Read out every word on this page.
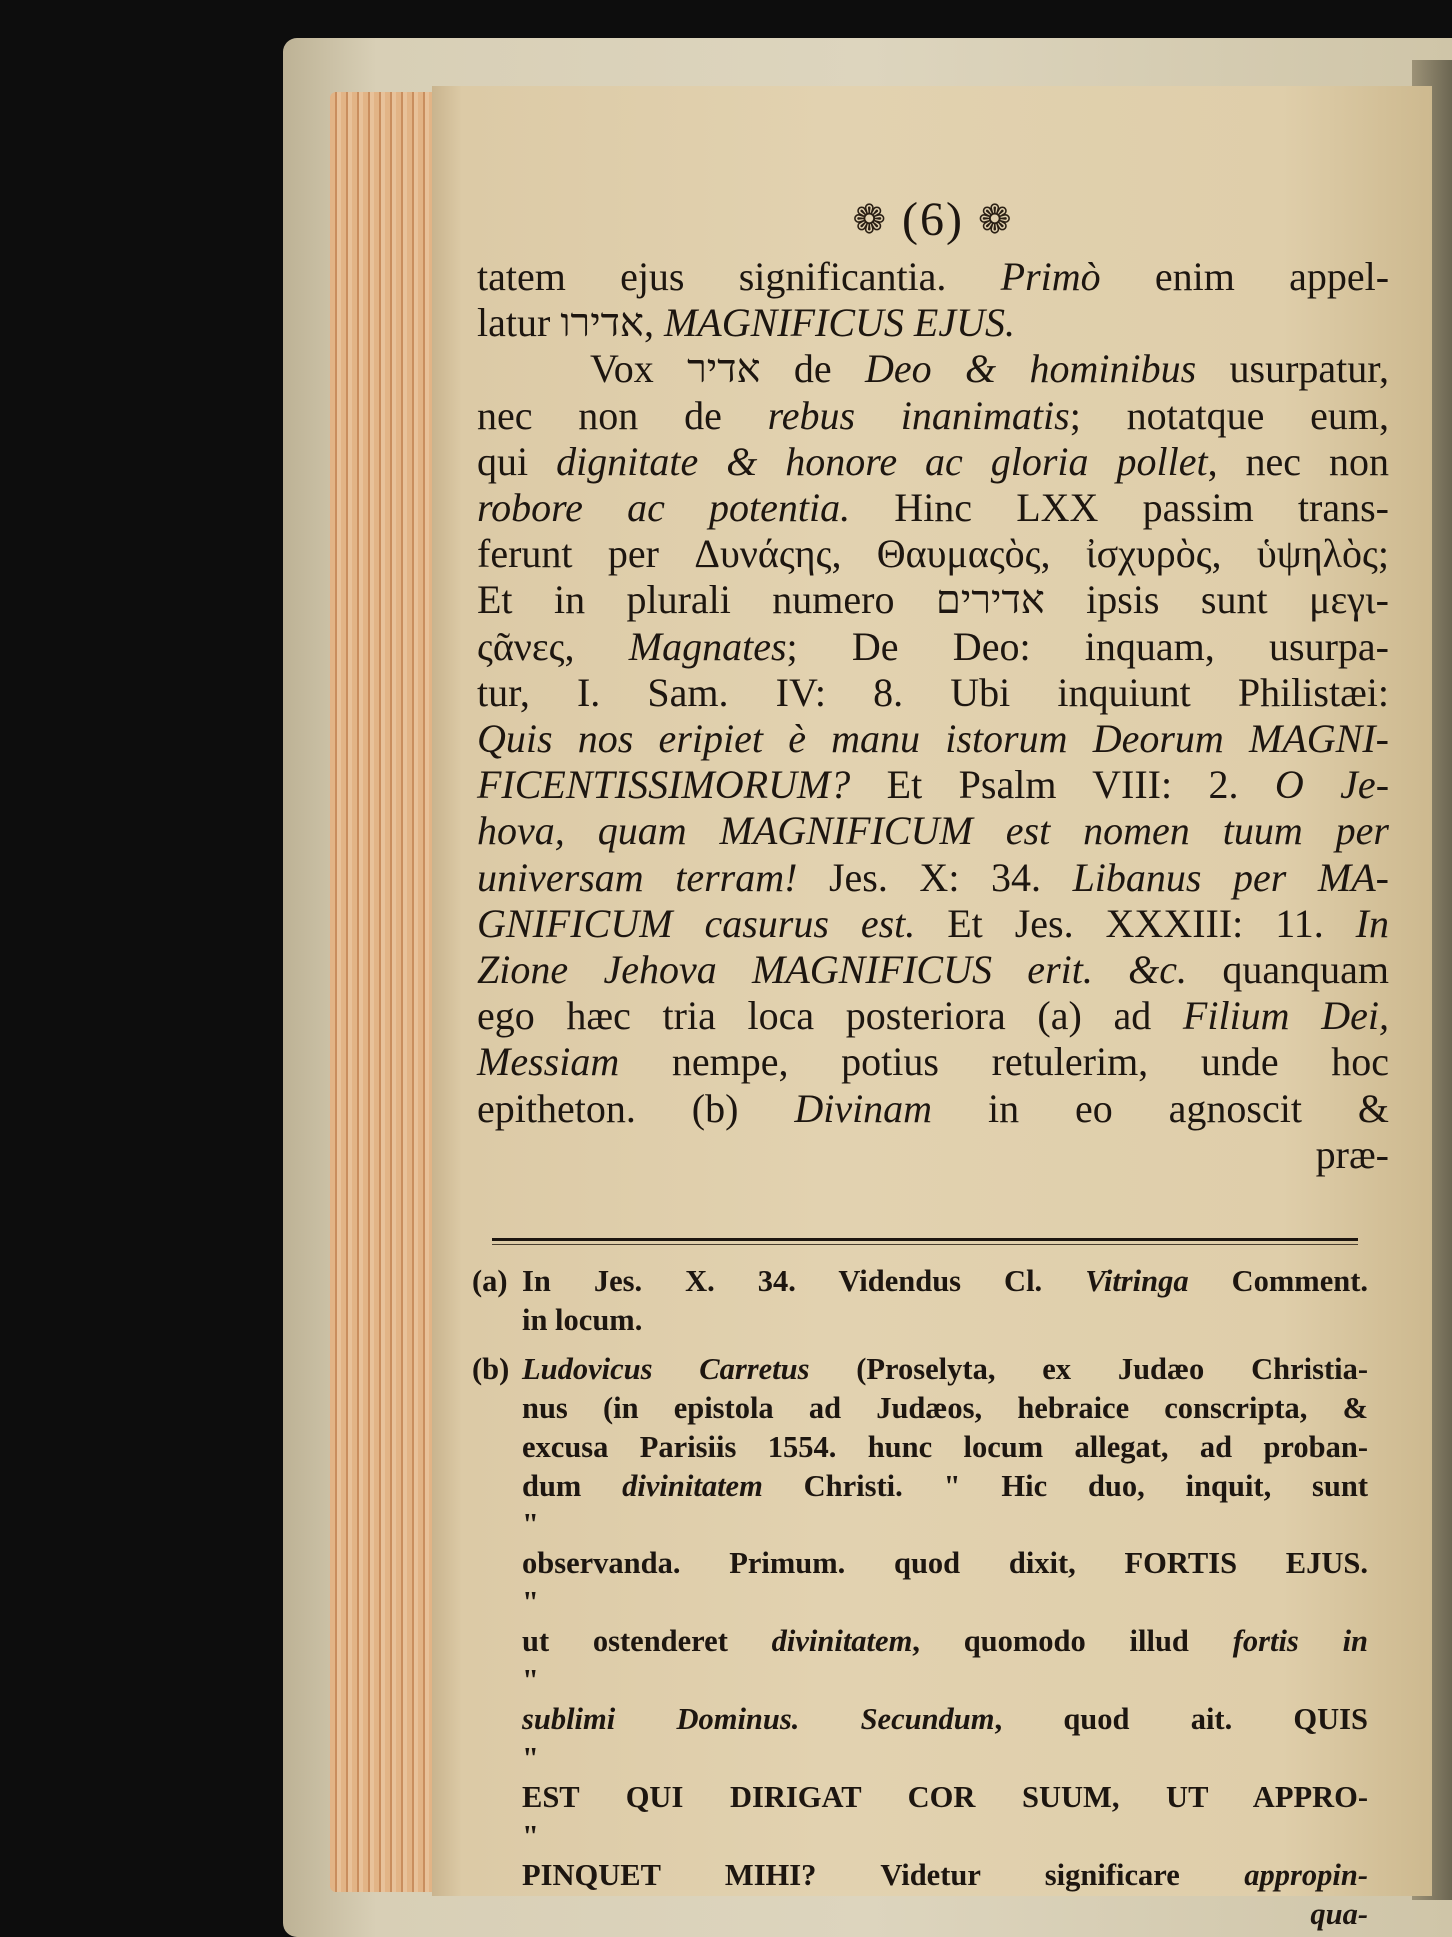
❁ (6) ❁

tatem ejus significantia. Primò enim appel-

latur אדירו, MAGNIFICUS EJUS.

Vox אדיר de Deo & hominibus usurpatur,

nec non de rebus inanimatis; notatque eum,

qui dignitate & honore ac gloria pollet, nec non

robore ac potentia. Hinc LXX passim trans-

ferunt per Δυνάςης, Θαυμαςὸς, ἰσχυρὸς, ὑψηλὸς;

Et in plurali numero אדירים ipsis sunt μεγι-

ςᾶνες, Magnates; De Deo: inquam, usurpa-

tur, I. Sam. IV: 8. Ubi inquiunt Philistæi:

Quis nos eripiet è manu istorum Deorum MAGNI-

FICENTISSIMORUM? Et Psalm VIII: 2. O Je-

hova, quam MAGNIFICUM est nomen tuum per

universam terram! Jes. X: 34. Libanus per MA-

GNIFICUM casurus est. Et Jes. XXXIII: 11. In

Zione Jehova MAGNIFICUS erit. &c. quanquam

ego hæc tria loca posteriora (a) ad Filium Dei,

Messiam nempe, potius retulerim, unde hoc

epitheton. (b) Divinam in eo agnoscit &

præ-

(a) In Jes. X. 34. Videndus Cl. Vitringa Comment.
in locum.
(b) Ludovicus Carretus (Proselyta, ex Judæo Christia-
nus (in epistola ad Judæos, hebraice conscripta, &
excusa Parisiis 1554. hunc locum allegat, ad proban-
dum divinitatem Christi. " Hic duo, inquit, sunt
"
observanda. Primum. quod dixit, FORTIS EJUS.
"
ut ostenderet divinitatem, quomodo illud fortis in
"
sublimi Dominus. Secundum, quod ait. QUIS
"
EST QUI DIRIGAT COR SUUM, UT APPRO-
"
PINQUET MIHI? Videtur significare appropin-
qua-
